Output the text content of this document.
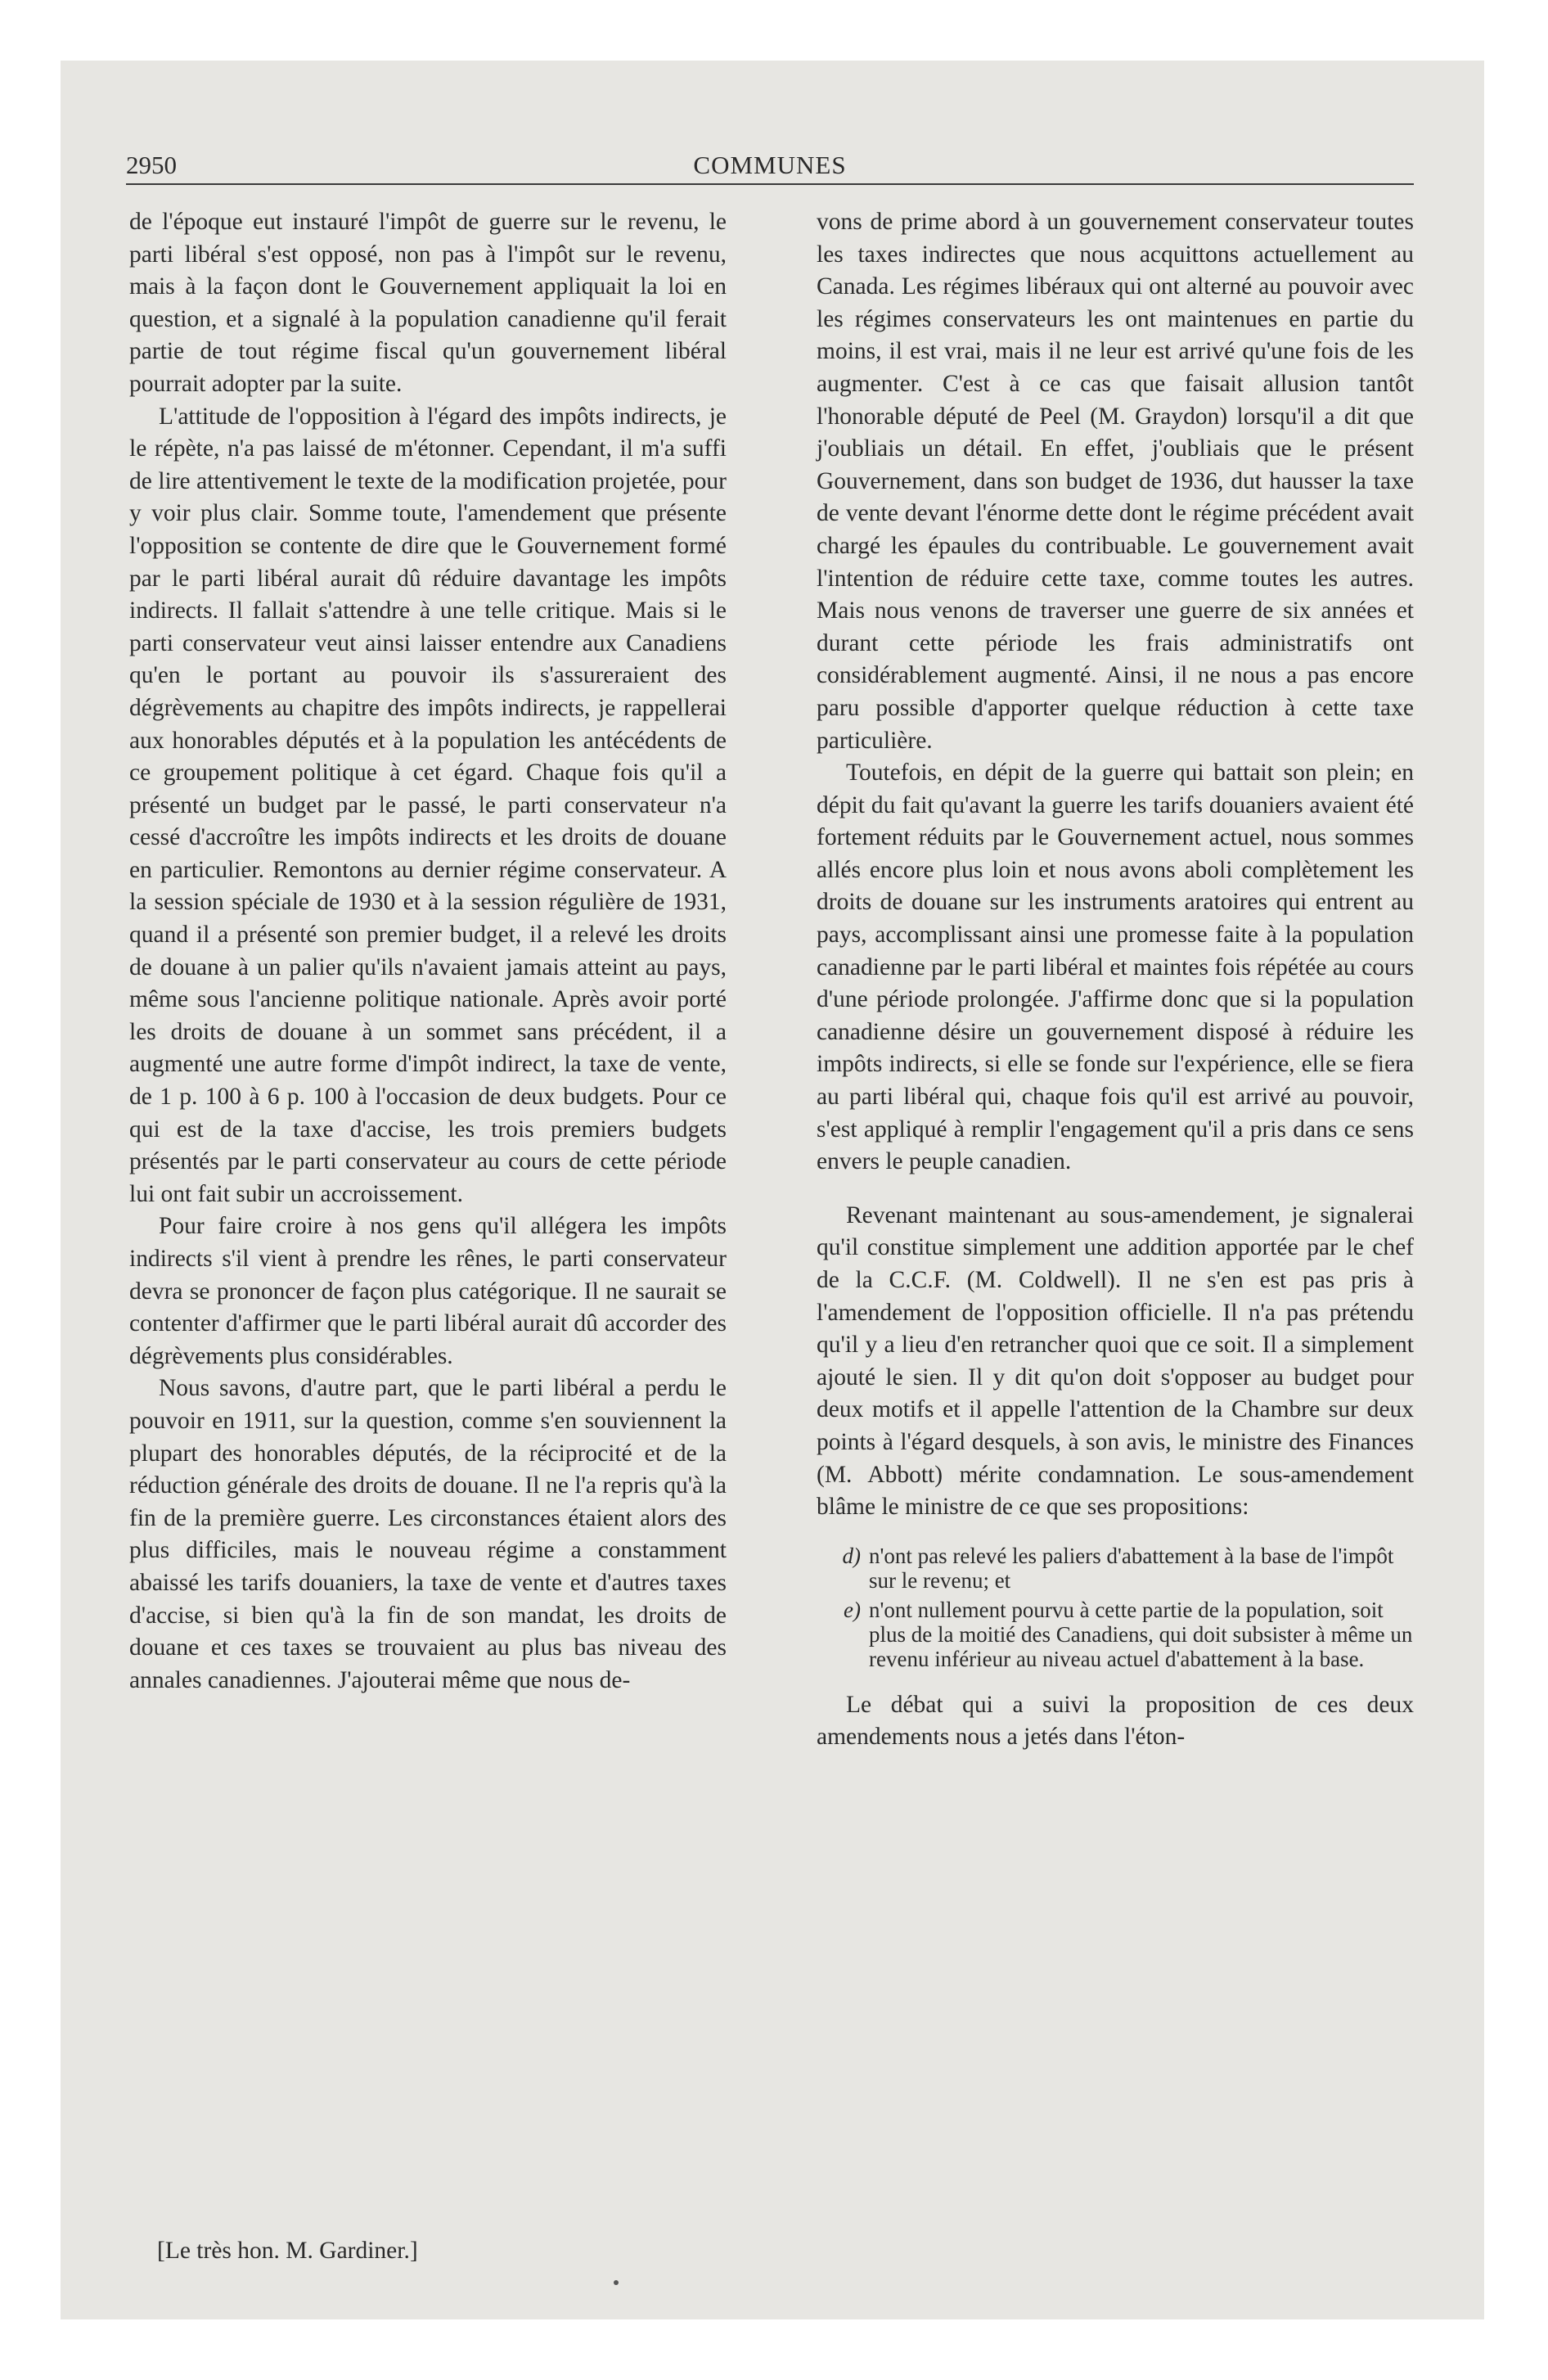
2950	COMMUNES

de l'époque eut instauré l'impôt de guerre sur le revenu, le parti libéral s'est opposé, non pas à l'impôt sur le revenu, mais à la façon dont le Gouvernement appliquait la loi en question, et a signalé à la population canadienne qu'il ferait partie de tout régime fiscal qu'un gouvernement libéral pourrait adopter par la suite.

L'attitude de l'opposition à l'égard des impôts indirects, je le répète, n'a pas laissé de m'étonner. Cependant, il m'a suffi de lire attentivement le texte de la modification projetée, pour y voir plus clair. Somme toute, l'amendement que présente l'opposition se contente de dire que le Gouvernement formé par le parti libéral aurait dû réduire davantage les impôts indirects. Il fallait s'attendre à une telle critique. Mais si le parti conservateur veut ainsi laisser entendre aux Canadiens qu'en le portant au pouvoir ils s'assureraient des dégrèvements au chapitre des impôts indirects, je rappellerai aux honorables députés et à la population les antécédents de ce groupement politique à cet égard. Chaque fois qu'il a présenté un budget par le passé, le parti conservateur n'a cessé d'accroître les impôts indirects et les droits de douane en particulier. Remontons au dernier régime conservateur. A la session spéciale de 1930 et à la session régulière de 1931, quand il a présenté son premier budget, il a relevé les droits de douane à un palier qu'ils n'avaient jamais atteint au pays, même sous l'ancienne politique nationale. Après avoir porté les droits de douane à un sommet sans précédent, il a augmenté une autre forme d'impôt indirect, la taxe de vente, de 1 p. 100 à 6 p. 100 à l'occasion de deux budgets. Pour ce qui est de la taxe d'accise, les trois premiers budgets présentés par le parti conservateur au cours de cette période lui ont fait subir un accroissement.

Pour faire croire à nos gens qu'il allégera les impôts indirects s'il vient à prendre les rênes, le parti conservateur devra se prononcer de façon plus catégorique. Il ne saurait se contenter d'affirmer que le parti libéral aurait dû accorder des dégrèvements plus considérables.

Nous savons, d'autre part, que le parti libéral a perdu le pouvoir en 1911, sur la question, comme s'en souviennent la plupart des honorables députés, de la réciprocité et de la réduction générale des droits de douane. Il ne l'a repris qu'à la fin de la première guerre. Les circonstances étaient alors des plus difficiles, mais le nouveau régime a constamment abaissé les tarifs douaniers, la taxe de vente et d'autres taxes d'accise, si bien qu'à la fin de son mandat, les droits de douane et ces taxes se trouvaient au plus bas niveau des annales canadiennes. J'ajouterai même que nous de-

[Le très hon. M. Gardiner.]

vons de prime abord à un gouvernement conservateur toutes les taxes indirectes que nous acquittons actuellement au Canada. Les régimes libéraux qui ont alterné au pouvoir avec les régimes conservateurs les ont maintenues en partie du moins, il est vrai, mais il ne leur est arrivé qu'une fois de les augmenter. C'est à ce cas que faisait allusion tantôt l'honorable député de Peel (M. Graydon) lorsqu'il a dit que j'oubliais un détail. En effet, j'oubliais que le présent Gouvernement, dans son budget de 1936, dut hausser la taxe de vente devant l'énorme dette dont le régime précédent avait chargé les épaules du contribuable. Le gouvernement avait l'intention de réduire cette taxe, comme toutes les autres. Mais nous venons de traverser une guerre de six années et durant cette période les frais administratifs ont considérablement augmenté. Ainsi, il ne nous a pas encore paru possible d'apporter quelque réduction à cette taxe particulière.

Toutefois, en dépit de la guerre qui battait son plein; en dépit du fait qu'avant la guerre les tarifs douaniers avaient été fortement réduits par le Gouvernement actuel, nous sommes allés encore plus loin et nous avons aboli complètement les droits de douane sur les instruments aratoires qui entrent au pays, accomplissant ainsi une promesse faite à la population canadienne par le parti libéral et maintes fois répétée au cours d'une période prolongée. J'affirme donc que si la population canadienne désire un gouvernement disposé à réduire les impôts indirects, si elle se fonde sur l'expérience, elle se fiera au parti libéral qui, chaque fois qu'il est arrivé au pouvoir, s'est appliqué à remplir l'engagement qu'il a pris dans ce sens envers le peuple canadien.

Revenant maintenant au sous-amendement, je signalerai qu'il constitue simplement une addition apportée par le chef de la C.C.F. (M. Coldwell). Il ne s'en est pas pris à l'amendement de l'opposition officielle. Il n'a pas prétendu qu'il y a lieu d'en retrancher quoi que ce soit. Il a simplement ajouté le sien. Il y dit qu'on doit s'opposer au budget pour deux motifs et il appelle l'attention de la Chambre sur deux points à l'égard desquels, à son avis, le ministre des Finances (M. Abbott) mérite condamnation. Le sous-amendement blâme le ministre de ce que ses propositions:

d) n'ont pas relevé les paliers d'abattement à la base de l'impôt sur le revenu; et
e) n'ont nullement pourvu à cette partie de la population, soit plus de la moitié des Canadiens, qui doit subsister à même un revenu inférieur au niveau actuel d'abattement à la base.

Le débat qui a suivi la proposition de ces deux amendements nous a jetés dans l'éton-
